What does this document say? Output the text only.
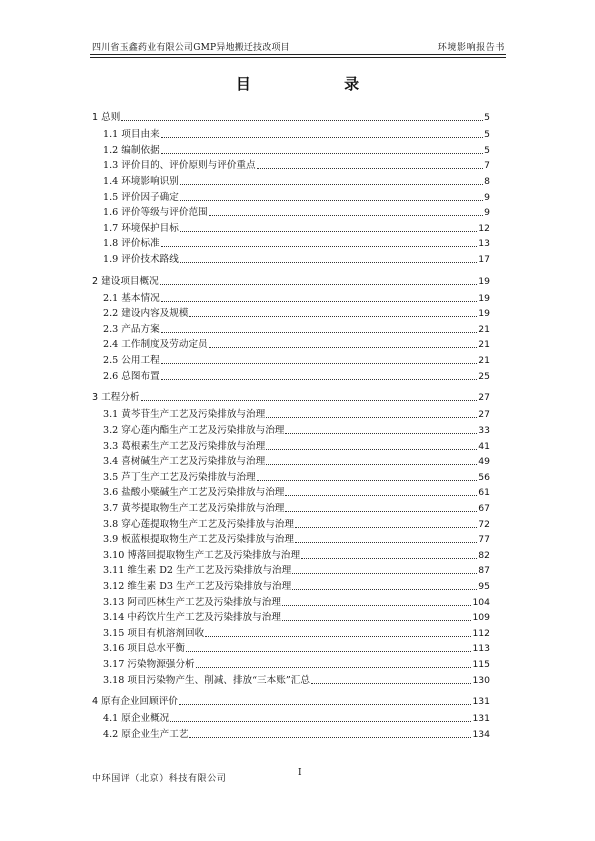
四川省玉鑫药业有限公司GMP异地搬迁技改项目	环境影响报告书
目 录
1 总则	5
1.1 项目由来	5
1.2 编制依据	5
1.3 评价目的、评价原则与评价重点	7
1.4 环境影响识别	8
1.5 评价因子确定	9
1.6 评价等级与评价范围	9
1.7 环境保护目标	12
1.8 评价标准	13
1.9 评价技术路线	17
2 建设项目概况	19
2.1 基本情况	19
2.2 建设内容及规模	19
2.3 产品方案	21
2.4 工作制度及劳动定员	21
2.5 公用工程	21
2.6 总图布置	25
3 工程分析	27
3.1 黄芩苷生产工艺及污染排放与治理	27
3.2 穿心莲内酯生产工艺及污染排放与治理	33
3.3 葛根素生产工艺及污染排放与治理	41
3.4 喜树碱生产工艺及污染排放与治理	49
3.5 芦丁生产工艺及污染排放与治理	56
3.6 盐酸小檗碱生产工艺及污染排放与治理	61
3.7 黄芩提取物生产工艺及污染排放与治理	67
3.8 穿心莲提取物生产工艺及污染排放与治理	72
3.9 板蓝根提取物生产工艺及污染排放与治理	77
3.10 博落回提取物生产工艺及污染排放与治理	82
3.11 维生素 D2 生产工艺及污染排放与治理	87
3.12 维生素 D3 生产工艺及污染排放与治理	95
3.13 阿司匹林生产工艺及污染排放与治理	104
3.14 中药饮片生产工艺及污染排放与治理	109
3.15 项目有机溶剂回收	112
3.16 项目总水平衡	113
3.17 污染物源强分析	115
3.18 项目污染物产生、削减、排放“三本账”汇总	130
4 原有企业回顾评价	131
4.1 原企业概况	131
4.2 原企业生产工艺	134
中环国评（北京）科技有限公司
I
